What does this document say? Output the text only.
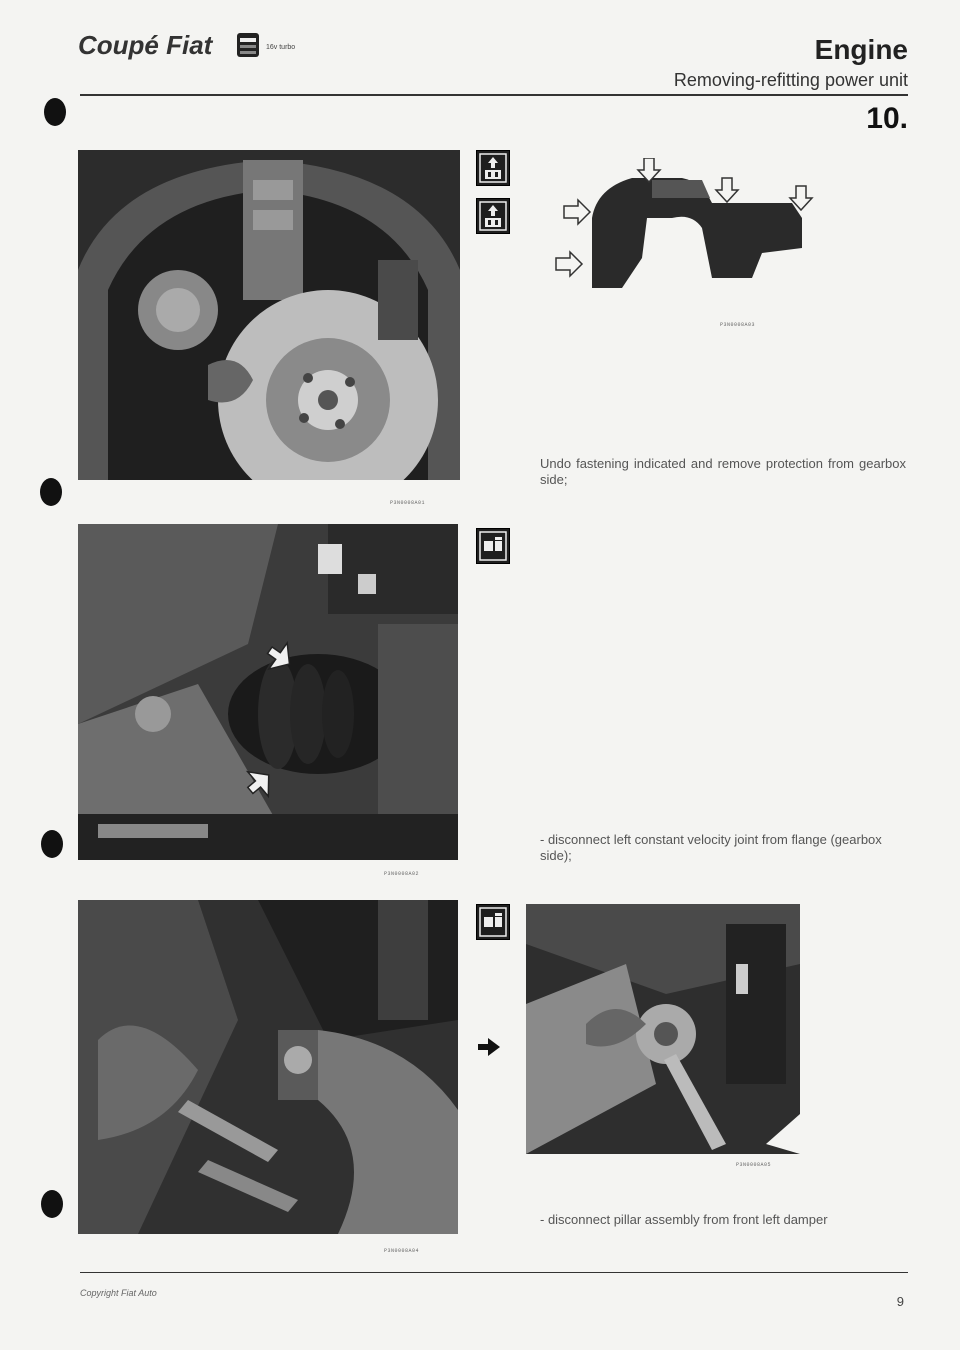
Coupé Fiat	16v turbo	Engine
Removing-refitting power unit
10.
P3N0008A01
P3N0008A03
Undo fastening indicated and remove protection from gearbox side;
P3N0008A02
- disconnect left constant velocity joint from flange (gearbox side);
P3N0008A04
P3N0008A05
- disconnect pillar assembly from front left damper
Copyright Fiat Auto
9
